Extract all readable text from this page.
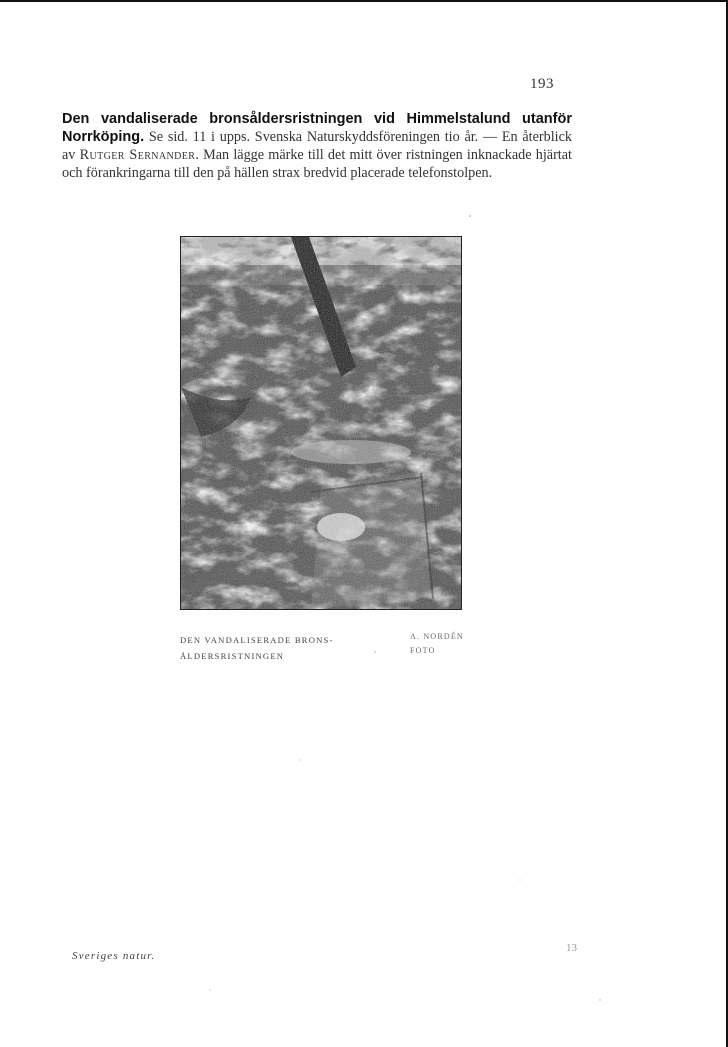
193
Den vandaliserade bronsåldersristningen vid Himmelstalund utanför Norrköping. Se sid. 11 i upps. Svenska Naturskyddsföreningen tio år. — En återblick av Rutger Sernander. Man lägge märke till det mitt över ristningen inknackade hjärtat och förankringarna till den på hällen strax bredvid placerade telefonstolpen.
DEN VANDALISERADE BRONS-
ÅLDERSRISTNINGEN
A. NORDÉN
FOTO
Sveriges natur.
13
